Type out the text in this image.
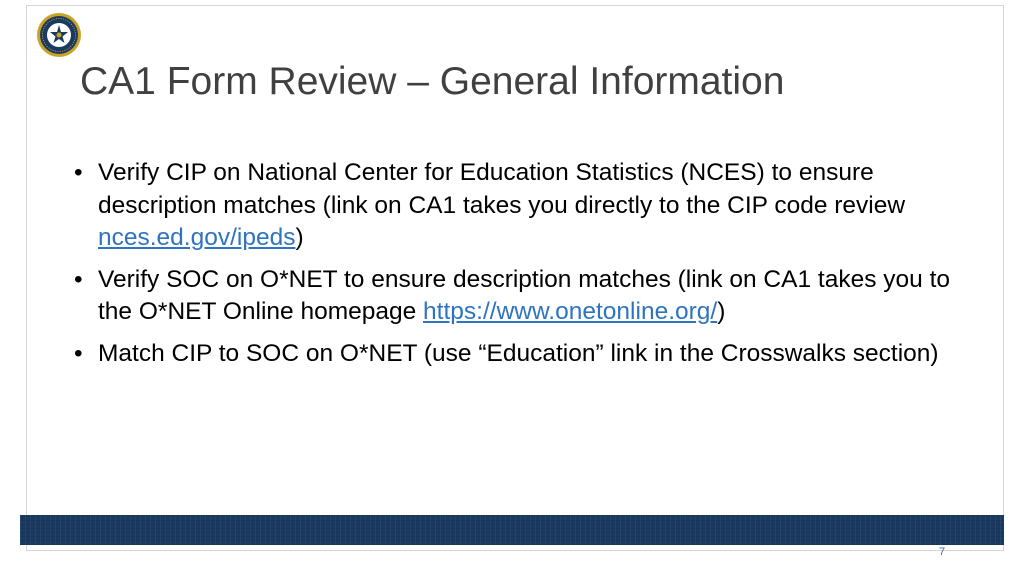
CA1 Form Review – General Information
• Verify CIP on National Center for Education Statistics (NCES) to ensure description matches (link on CA1 takes you directly to the CIP code review nces.ed.gov/ipeds)
• Verify SOC on O*NET to ensure description matches (link on CA1 takes you to the O*NET Online homepage https://www.onetonline.org/)
• Match CIP to SOC on O*NET (use “Education” link in the Crosswalks section)
7
